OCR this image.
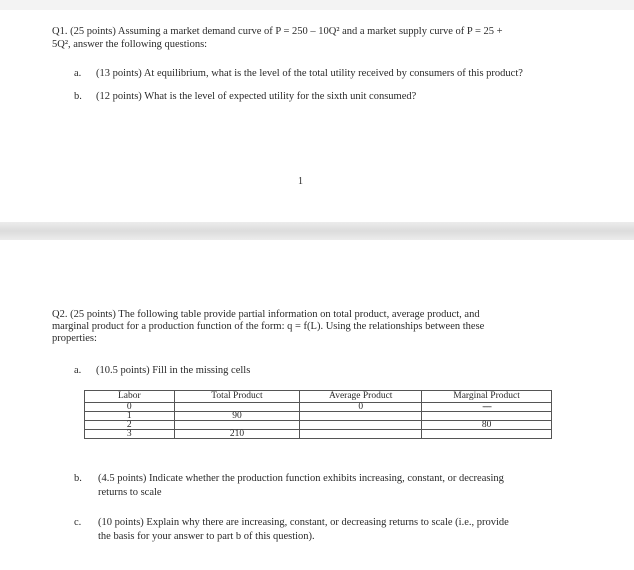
Q1. (25 points) Assuming a market demand curve of P = 250 – 10Q² and a market supply curve of P = 25 +
5Q², answer the following questions:
a. (13 points) At equilibrium, what is the level of the total utility received by consumers of this product?
b. (12 points) What is the level of expected utility for the sixth unit consumed?
1
Q2. (25 points) The following table provide partial information on total product, average product, and
marginal product for a production function of the form: q = f(L). Using the relationships between these
properties:
a. (10.5 points) Fill in the missing cells
Labor	Total Product	Average Product	Marginal Product
0		0	----
1	90		
2			80
3	210		
b. (4.5 points) Indicate whether the production function exhibits increasing, constant, or decreasing
returns to scale
c. (10 points) Explain why there are increasing, constant, or decreasing returns to scale (i.e., provide
the basis for your answer to part b of this question).
